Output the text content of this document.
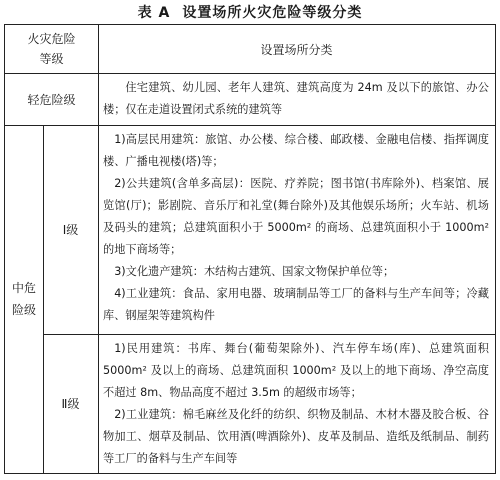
表 A 设置场所火灾危险等级分类
火灾危险
等级
设置场所分类
轻危险级
住宅建筑、幼儿园、老年人建筑、建筑高度为 24m 及以下的旅馆、办公楼；仅在走道设置闭式系统的建筑等
中危
险级
Ⅰ级

1)高层民用建筑：旅馆、办公楼、综合楼、邮政楼、金融电信楼、指挥调度楼、广播电视楼(塔)等；

2)公共建筑(含单多高层)：医院、疗养院；图书馆(书库除外)、档案馆、展览馆(厅)；影剧院、音乐厅和礼堂(舞台除外)及其他娱乐场所；火车站、机场及码头的建筑；总建筑面积小于 5000m² 的商场、总建筑面积小于 1000m² 的地下商场等；

3)文化遗产建筑：木结构古建筑、国家文物保护单位等；

4)工业建筑：食品、家用电器、玻璃制品等工厂的备料与生产车间等；冷藏库、钢屋架等建筑构件

Ⅱ级

1)民用建筑：书库、舞台(葡萄架除外)、汽车停车场(库)、总建筑面积 5000m² 及以上的商场、总建筑面积 1000m² 及以上的地下商场、净空高度不超过 8m、物品高度不超过 3.5m 的超级市场等；

2)工业建筑：棉毛麻丝及化纤的纺织、织物及制品、木材木器及胶合板、谷物加工、烟草及制品、饮用酒(啤酒除外)、皮革及制品、造纸及纸制品、制药等工厂的备料与生产车间等
